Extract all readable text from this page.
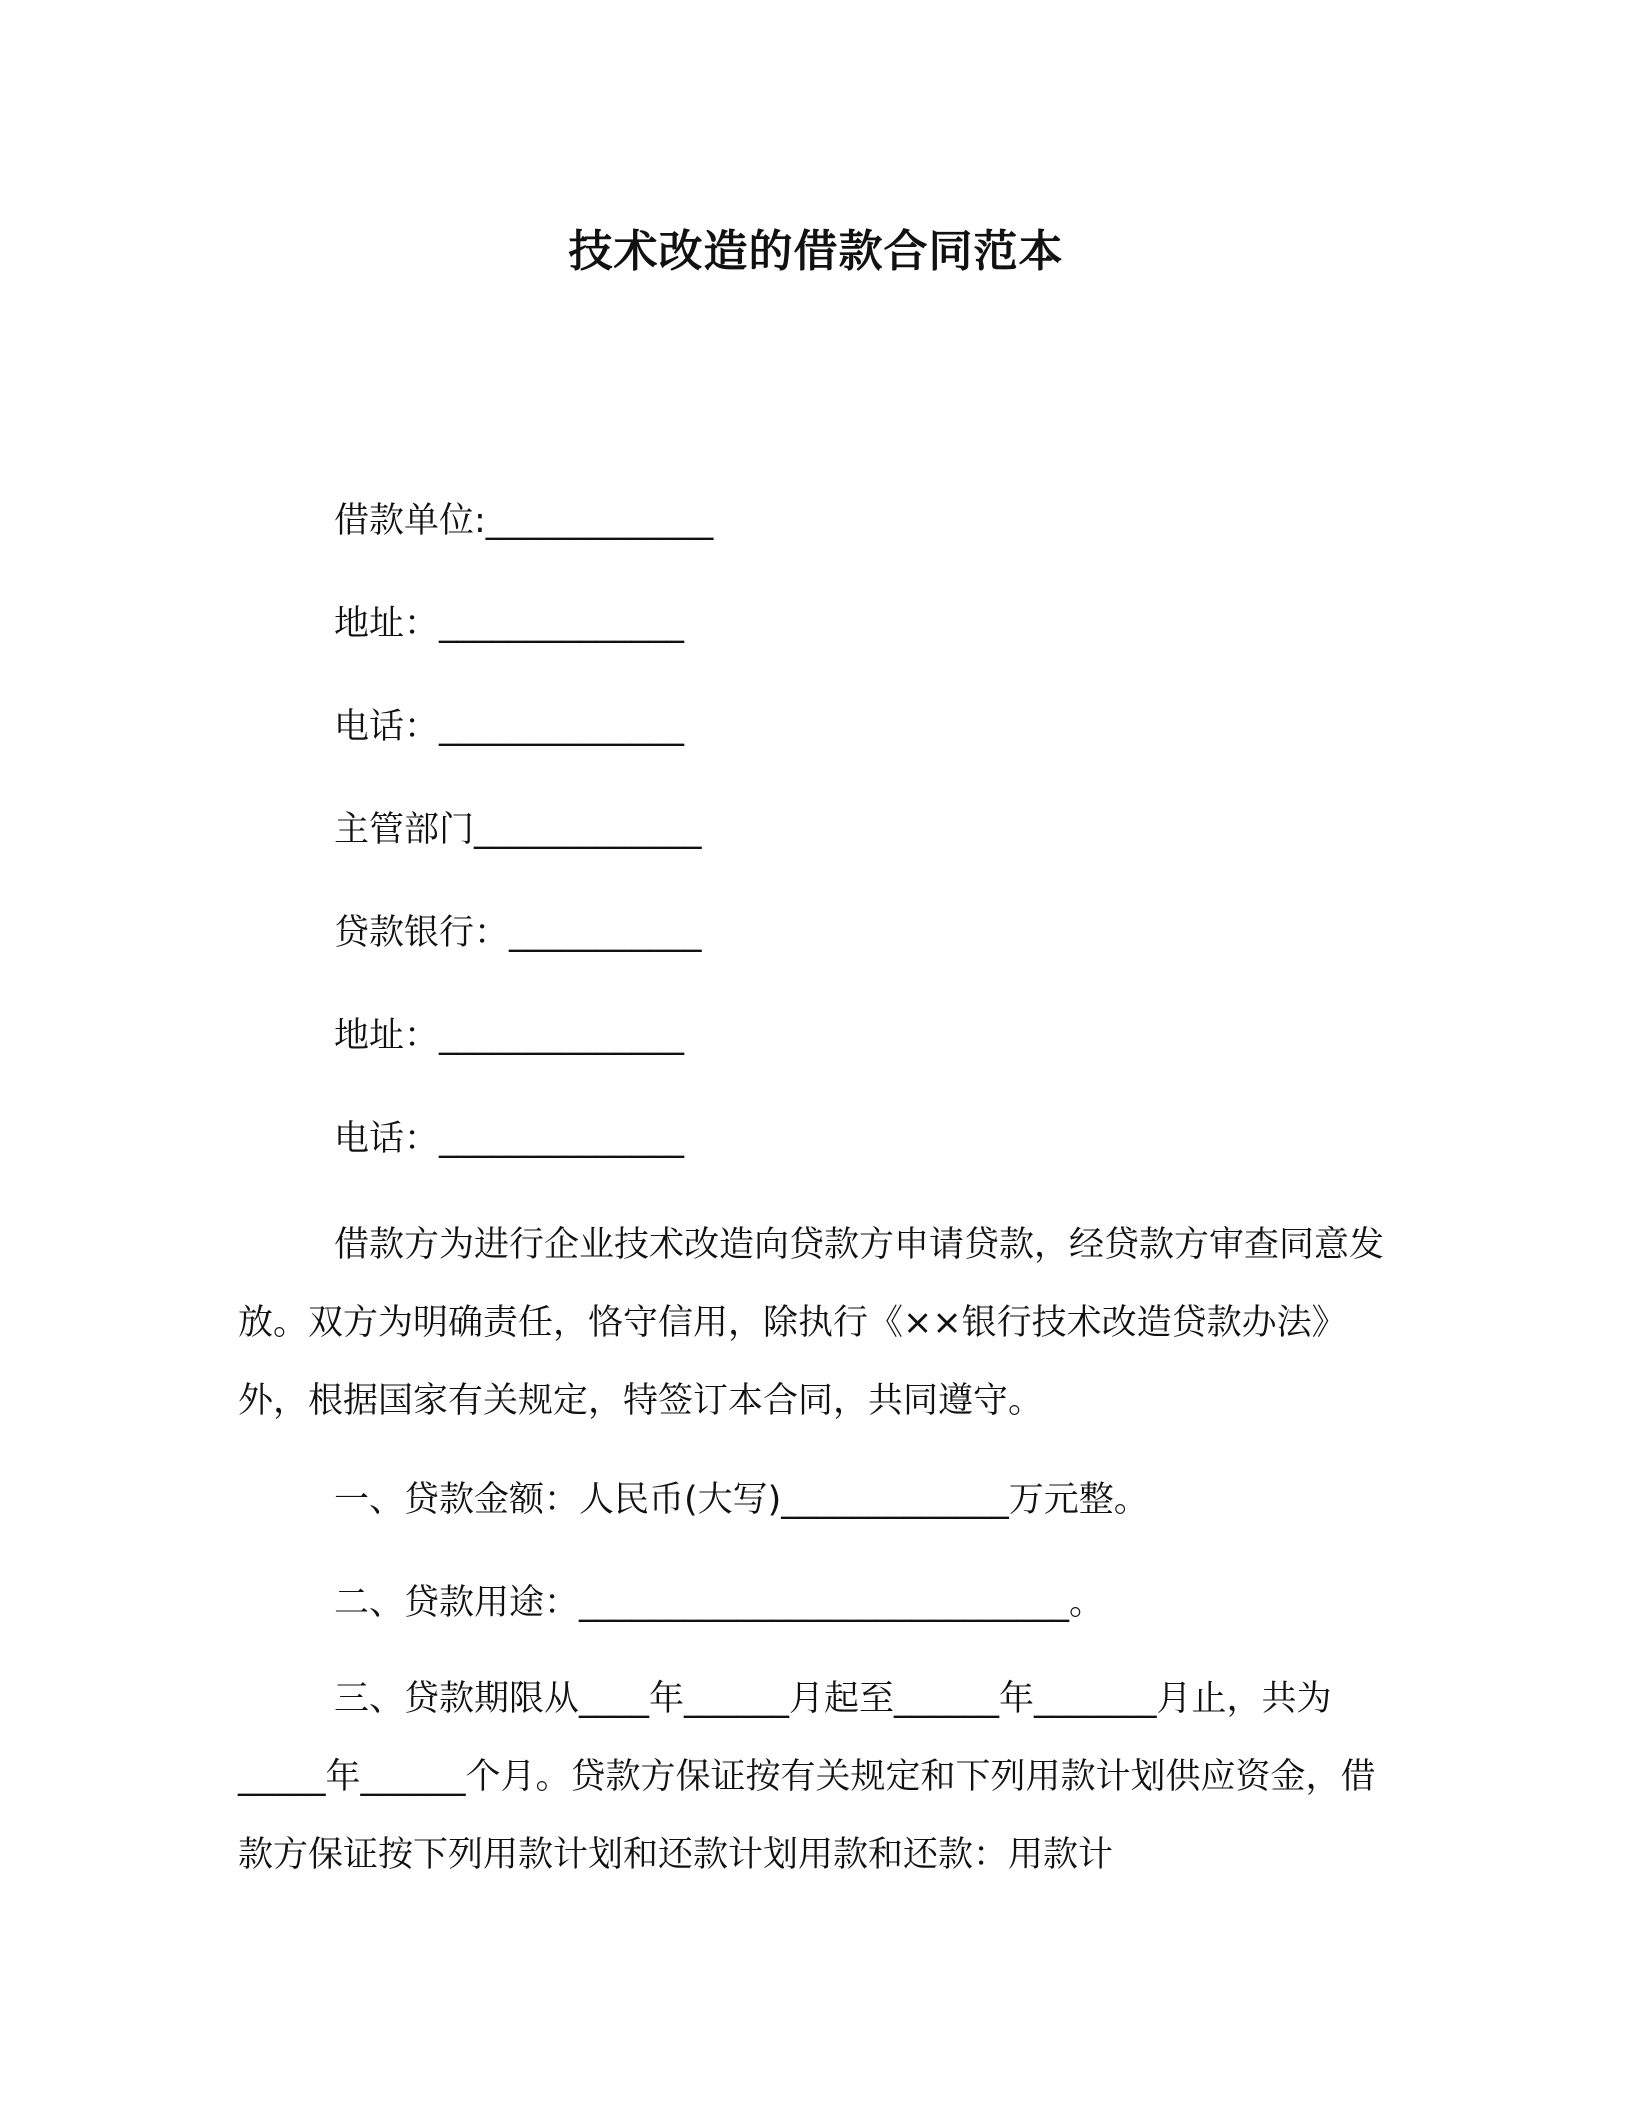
技术改造的借款合同范本
借款单位:_____________
地址：______________
电话：______________
主管部门_____________
贷款银行：___________
地址：______________
电话：______________
借款方为进行企业技术改造向贷款方申请贷款，经贷款方审查同意发放。双方为明确责任，恪守信用，除执行《××银行技术改造贷款办法》外，根据国家有关规定，特签订本合同，共同遵守。
一、贷款金额：人民币(大写)_____________万元整。
二、贷款用途：____________________________。
三、贷款期限从____年______月起至______年_______月止，共为_____年______个月。贷款方保证按有关规定和下列用款计划供应资金，借款方保证按下列用款计划和还款计划用款和还款：用款计
